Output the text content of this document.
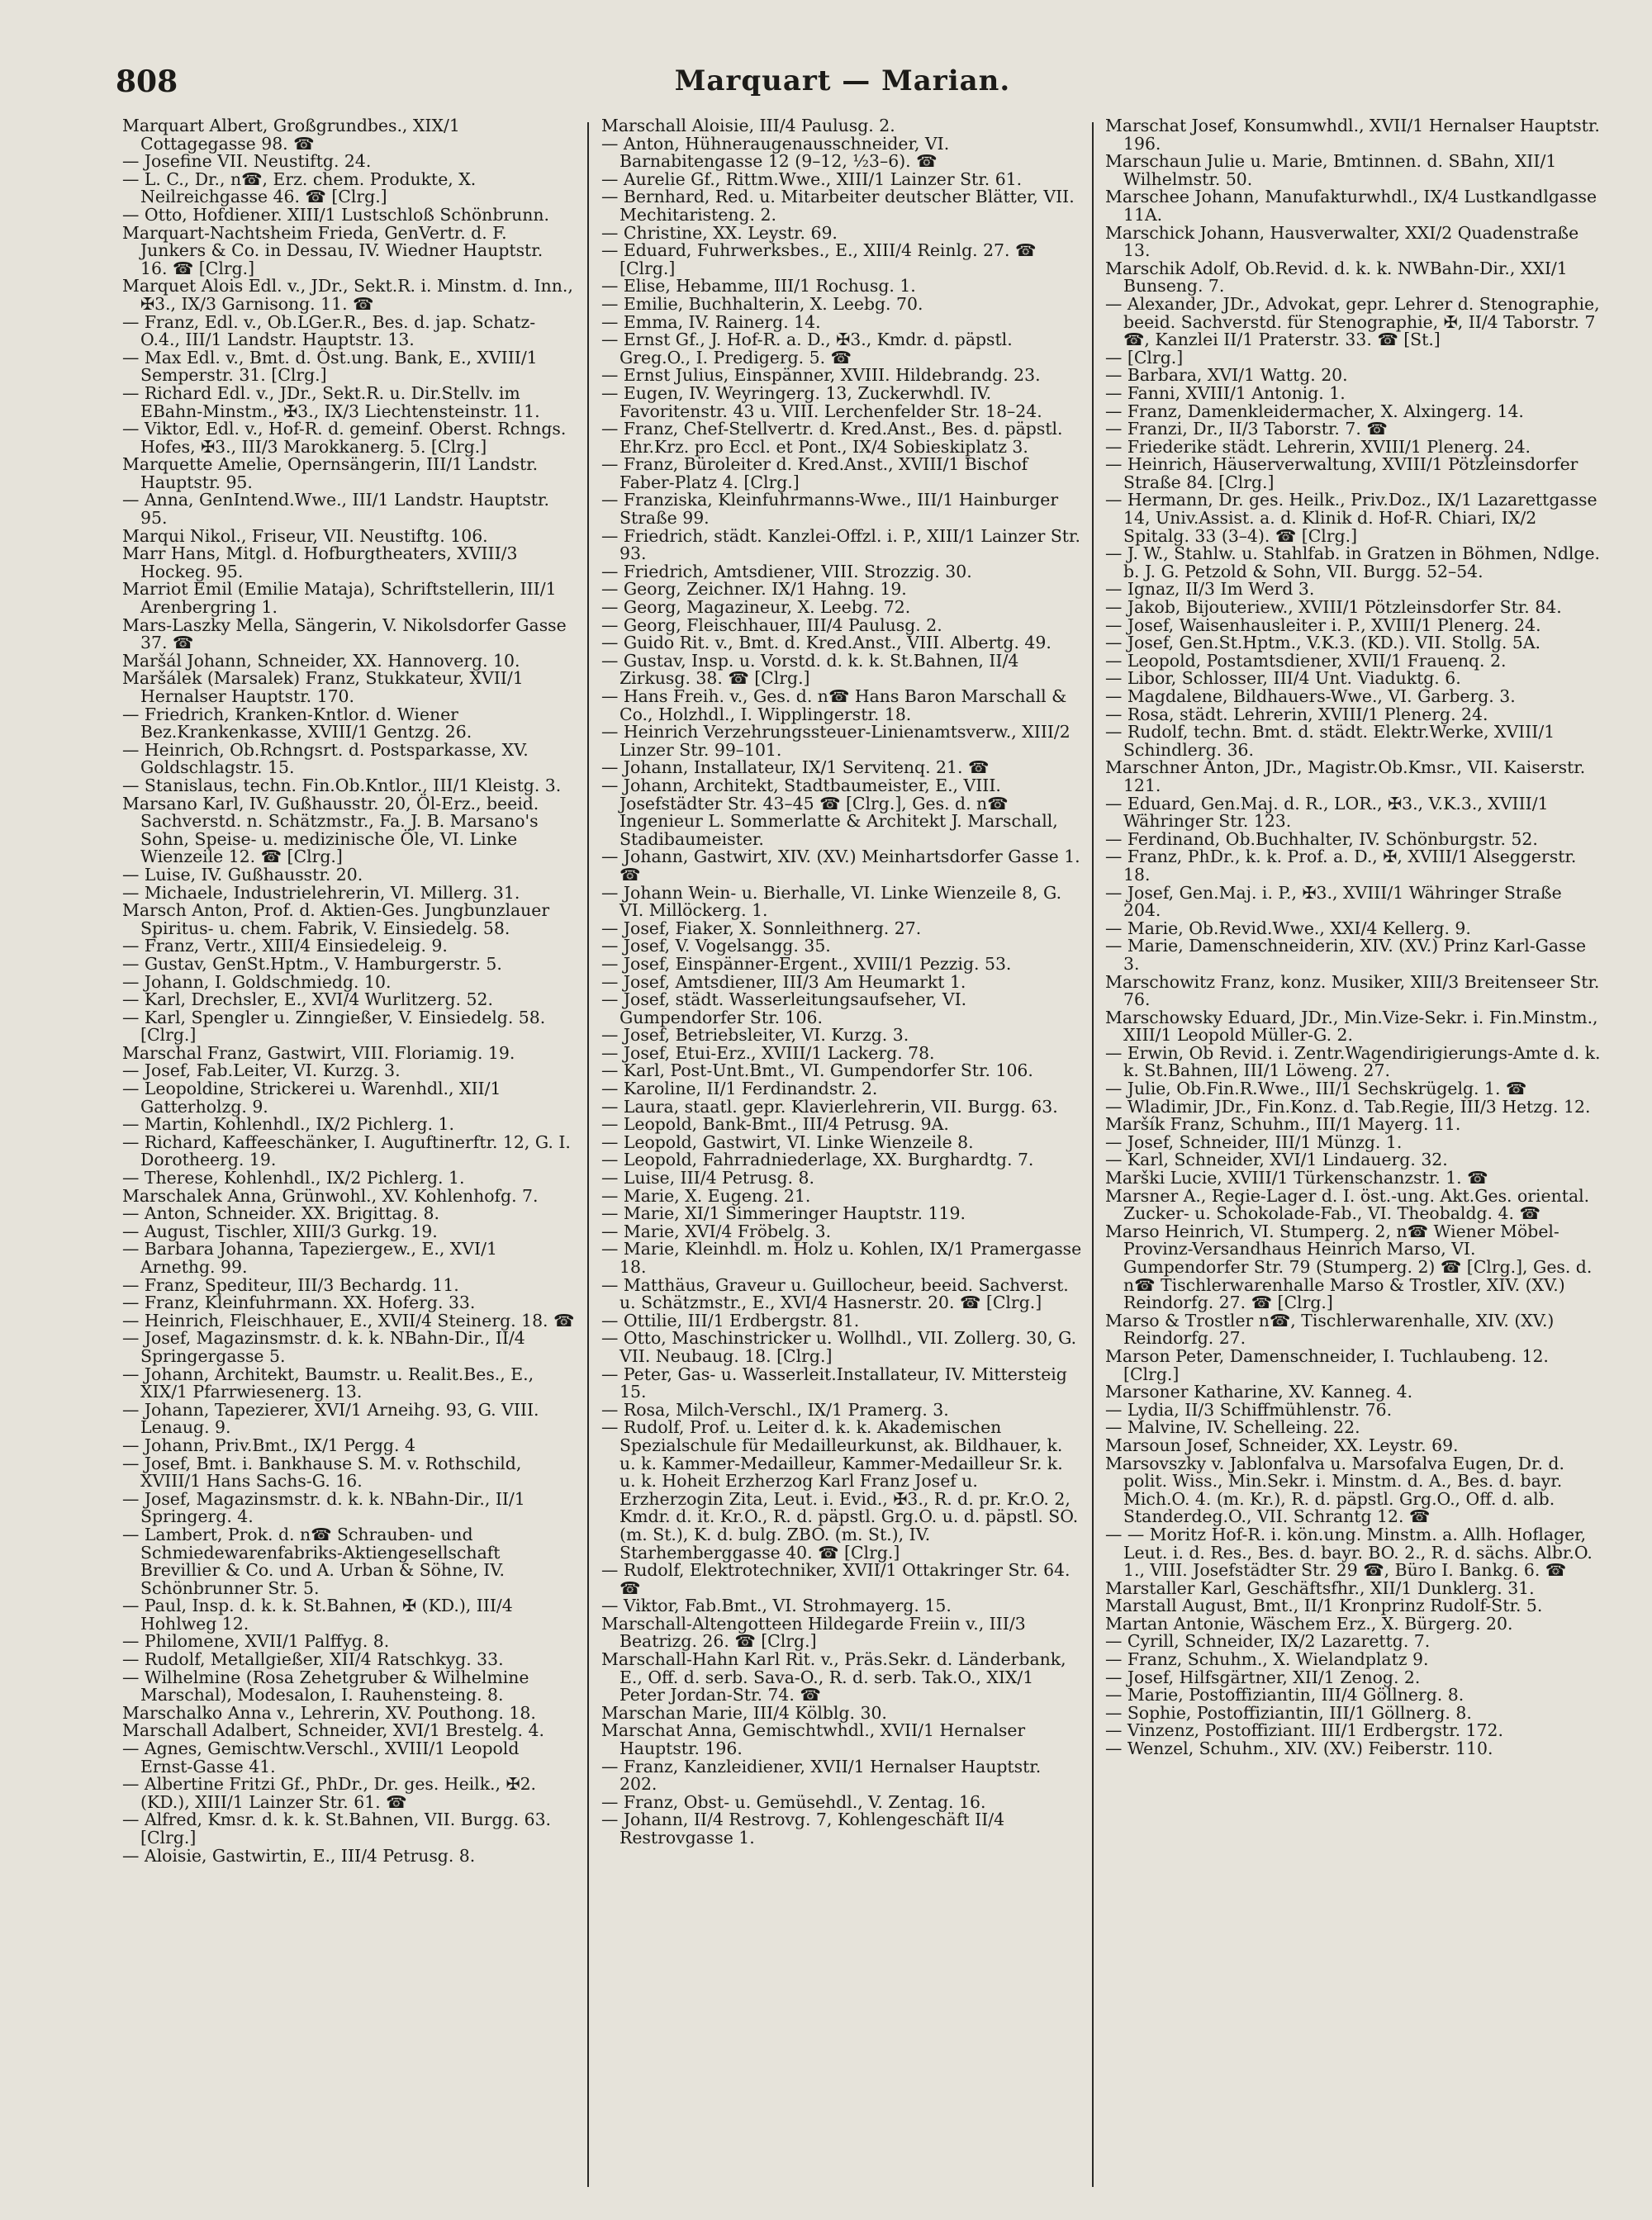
808	Marquart — Marian.
Marquart Albert, Großgrundbes., XIX/1 Cottagegasse 98. ☎
— Josefine VII. Neustiftg. 24.
— L. C., Dr., n☎, Erz. chem. Produkte, X. Neilreichgasse 46. ☎ [Clrg.]
— Otto, Hofdiener. XIII/1 Lustschloß Schönbrunn.
Marquart-Nachtsheim Frieda, GenVertr. d. F. Junkers & Co. in Dessau, IV. Wiedner Hauptstr. 16. ☎ [Clrg.]
Marquet Alois Edl. v., JDr., Sekt.R. i. Minstm. d. Inn., ✠3., IX/3 Garnisong. 11. ☎
— Franz, Edl. v., Ob.LGer.R., Bes. d. jap. Schatz-O.4., III/1 Landstr. Hauptstr. 13.
— Max Edl. v., Bmt. d. Öst.ung. Bank, E., XVIII/1 Semperstr. 31. [Clrg.]
— Richard Edl. v., JDr., Sekt.R. u. Dir.Stellv. im EBahn-Minstm., ✠3., IX/3 Liechtensteinstr. 11.
— Viktor, Edl. v., Hof-R. d. gemeinf. Oberst. Rchngs. Hofes, ✠3., III/3 Marokkanerg. 5. [Clrg.]
Marquette Amelie, Opernsängerin, III/1 Landstr. Hauptstr. 95.
— Anna, GenIntend.Wwe., III/1 Landstr. Hauptstr. 95.
Marqui Nikol., Friseur, VII. Neustiftg. 106.
Marr Hans, Mitgl. d. Hofburgtheaters, XVIII/3 Hockeg. 95.
Marriot Emil (Emilie Mataja), Schriftstellerin, III/1 Arenbergring 1.
Mars-Laszky Mella, Sängerin, V. Nikolsdorfer Gasse 37. ☎
Maršál Johann, Schneider, XX. Hannoverg. 10.
Maršálek (Marsalek) Franz, Stukkateur, XVII/1 Hernalser Hauptstr. 170.
— Friedrich, Kranken-Kntlor. d. Wiener Bez.Krankenkasse, XVIII/1 Gentzg. 26.
— Heinrich, Ob.Rchngsrt. d. Postsparkasse, XV. Goldschlagstr. 15.
— Stanislaus, techn. Fin.Ob.Kntlor., III/1 Kleistg. 3.
Marsano Karl, IV. Gußhausstr. 20, Öl-Erz., beeid. Sachverstd. n. Schätzmstr., Fa. J. B. Marsano's Sohn, Speise- u. medizinische Öle, VI. Linke Wienzeile 12. ☎ [Clrg.]
— Luise, IV. Gußhausstr. 20.
— Michaele, Industrielehrerin, VI. Millerg. 31.
Marsch Anton, Prof. d. Aktien-Ges. Jungbunzlauer Spiritus- u. chem. Fabrik, V. Einsiedelg. 58.
— Franz, Vertr., XIII/4 Einsiedeleig. 9.
— Gustav, GenSt.Hptm., V. Hamburgerstr. 5.
— Johann, I. Goldschmiedg. 10.
— Karl, Drechsler, E., XVI/4 Wurlitzerg. 52.
— Karl, Spengler u. Zinngießer, V. Einsiedelg. 58. [Clrg.]
Marschal Franz, Gastwirt, VIII. Floriamig. 19.
— Josef, Fab.Leiter, VI. Kurzg. 3.
— Leopoldine, Strickerei u. Warenhdl., XII/1 Gatterholzg. 9.
— Martin, Kohlenhdl., IX/2 Pichlerg. 1.
— Richard, Kaffeeschänker, I. Auguftinerftr. 12, G. I. Dorotheerg. 19.
— Therese, Kohlenhdl., IX/2 Pichlerg. 1.
Marschalek Anna, Grünwohl., XV. Kohlenhofg. 7.
— Anton, Schneider. XX. Brigittag. 8.
— August, Tischler, XIII/3 Gurkg. 19.
— Barbara Johanna, Tapeziergew., E., XVI/1 Arnethg. 99.
— Franz, Spediteur, III/3 Bechardg. 11.
— Franz, Kleinfuhrmann. XX. Hoferg. 33.
— Heinrich, Fleischhauer, E., XVII/4 Steinerg. 18. ☎
— Josef, Magazinsmstr. d. k. k. NBahn-Dir., II/4 Springergasse 5.
— Johann, Architekt, Baumstr. u. Realit.Bes., E., XIX/1 Pfarrwiesenerg. 13.
— Johann, Tapezierer, XVI/1 Arneihg. 93, G. VIII. Lenaug. 9.
— Johann, Priv.Bmt., IX/1 Pergg. 4
— Josef, Bmt. i. Bankhause S. M. v. Rothschild, XVIII/1 Hans Sachs-G. 16.
— Josef, Magazinsmstr. d. k. k. NBahn-Dir., II/1 Springerg. 4.
— Lambert, Prok. d. n☎ Schrauben- und Schmiedewarenfabriks-Aktiengesellschaft Brevillier & Co. und A. Urban & Söhne, IV. Schönbrunner Str. 5.
— Paul, Insp. d. k. k. St.Bahnen, ✠ (KD.), III/4 Hohlweg 12.
— Philomene, XVII/1 Palffyg. 8.
— Rudolf, Metallgießer, XII/4 Ratschkyg. 33.
— Wilhelmine (Rosa Zehetgruber & Wilhelmine Marschal), Modesalon, I. Rauhensteing. 8.
Marschalko Anna v., Lehrerin, XV. Pouthong. 18.
Marschall Adalbert, Schneider, XVI/1 Brestelg. 4.
— Agnes, Gemischtw.Verschl., XVIII/1 Leopold Ernst-Gasse 41.
— Albertine Fritzi Gf., PhDr., Dr. ges. Heilk., ✠2. (KD.), XIII/1 Lainzer Str. 61. ☎
— Alfred, Kmsr. d. k. k. St.Bahnen, VII. Burgg. 63. [Clrg.]
— Aloisie, Gastwirtin, E., III/4 Petrusg. 8.
Marschall Aloisie, III/4 Paulusg. 2.
— Anton, Hühneraugenausschneider, VI. Barnabitengasse 12 (9–12, ½3–6). ☎
— Aurelie Gf., Rittm.Wwe., XIII/1 Lainzer Str. 61.
— Bernhard, Red. u. Mitarbeiter deutscher Blätter, VII. Mechitaristeng. 2.
— Christine, XX. Leystr. 69.
— Eduard, Fuhrwerksbes., E., XIII/4 Reinlg. 27. ☎ [Clrg.]
— Elise, Hebamme, III/1 Rochusg. 1.
— Emilie, Buchhalterin, X. Leebg. 70.
— Emma, IV. Rainerg. 14.
— Ernst Gf., J. Hof-R. a. D., ✠3., Kmdr. d. päpstl. Greg.O., I. Predigerg. 5. ☎
— Ernst Julius, Einspänner, XVIII. Hildebrandg. 23.
— Eugen, IV. Weyringerg. 13, Zuckerwhdl. IV. Favoritenstr. 43 u. VIII. Lerchenfelder Str. 18–24.
— Franz, Chef-Stellvertr. d. Kred.Anst., Bes. d. päpstl. Ehr.Krz. pro Eccl. et Pont., IX/4 Sobieskiplatz 3.
— Franz, Büroleiter d. Kred.Anst., XVIII/1 Bischof Faber-Platz 4. [Clrg.]
— Franziska, Kleinfuhrmanns-Wwe., III/1 Hainburger Straße 99.
— Friedrich, städt. Kanzlei-Offzl. i. P., XIII/1 Lainzer Str. 93.
— Friedrich, Amtsdiener, VIII. Strozzig. 30.
— Georg, Zeichner. IX/1 Hahng. 19.
— Georg, Magazineur, X. Leebg. 72.
— Georg, Fleischhauer, III/4 Paulusg. 2.
— Guido Rit. v., Bmt. d. Kred.Anst., VIII. Albertg. 49.
— Gustav, Insp. u. Vorstd. d. k. k. St.Bahnen, II/4 Zirkusg. 38. ☎ [Clrg.]
— Hans Freih. v., Ges. d. n☎ Hans Baron Marschall & Co., Holzhdl., I. Wipplingerstr. 18.
— Heinrich Verzehrungssteuer-Linienamtsverw., XIII/2 Linzer Str. 99–101.
— Johann, Installateur, IX/1 Servitenq. 21. ☎
— Johann, Architekt, Stadtbaumeister, E., VIII. Josefstädter Str. 43–45 ☎ [Clrg.], Ges. d. n☎ Ingenieur L. Sommerlatte & Architekt J. Marschall, Stadibaumeister.
— Johann, Gastwirt, XIV. (XV.) Meinhartsdorfer Gasse 1. ☎
— Johann Wein- u. Bierhalle, VI. Linke Wienzeile 8, G. VI. Millöckerg. 1.
— Josef, Fiaker, X. Sonnleithnerg. 27.
— Josef, V. Vogelsangg. 35.
— Josef, Einspänner-Ergent., XVIII/1 Pezzig. 53.
— Josef, Amtsdiener, III/3 Am Heumarkt 1.
— Josef, städt. Wasserleitungsaufseher, VI. Gumpendorfer Str. 106.
— Josef, Betriebsleiter, VI. Kurzg. 3.
— Josef, Etui-Erz., XVIII/1 Lackerg. 78.
— Karl, Post-Unt.Bmt., VI. Gumpendorfer Str. 106.
— Karoline, II/1 Ferdinandstr. 2.
— Laura, staatl. gepr. Klavierlehrerin, VII. Burgg. 63.
— Leopold, Bank-Bmt., III/4 Petrusg. 9A.
— Leopold, Gastwirt, VI. Linke Wienzeile 8.
— Leopold, Fahrradniederlage, XX. Burghardtg. 7.
— Luise, III/4 Petrusg. 8.
— Marie, X. Eugeng. 21.
— Marie, XI/1 Simmeringer Hauptstr. 119.
— Marie, XVI/4 Fröbelg. 3.
— Marie, Kleinhdl. m. Holz u. Kohlen, IX/1 Pramergasse 18.
— Matthäus, Graveur u. Guillocheur, beeid. Sachverst. u. Schätzmstr., E., XVI/4 Hasnerstr. 20. ☎ [Clrg.]
— Ottilie, III/1 Erdbergstr. 81.
— Otto, Maschinstricker u. Wollhdl., VII. Zollerg. 30, G. VII. Neubaug. 18. [Clrg.]
— Peter, Gas- u. Wasserleit.Installateur, IV. Mittersteig 15.
— Rosa, Milch-Verschl., IX/1 Pramerg. 3.
— Rudolf, Prof. u. Leiter d. k. k. Akademischen Spezialschule für Medailleurkunst, ak. Bildhauer, k. u. k. Kammer-Medailleur, Kammer-Medailleur Sr. k. u. k. Hoheit Erzherzog Karl Franz Josef u. Erzherzogin Zita, Leut. i. Evid., ✠3., R. d. pr. Kr.O. 2, Kmdr. d. it. Kr.O., R. d. päpstl. Grg.O. u. d. päpstl. SO. (m. St.), K. d. bulg. ZBO. (m. St.), IV. Starhemberggasse 40. ☎ [Clrg.]
— Rudolf, Elektrotechniker, XVII/1 Ottakringer Str. 64. ☎
— Viktor, Fab.Bmt., VI. Strohmayerg. 15.
Marschall-Altengotteen Hildegarde Freiin v., III/3 Beatrizg. 26. ☎ [Clrg.]
Marschall-Hahn Karl Rit. v., Präs.Sekr. d. Länderbank, E., Off. d. serb. Sava-O., R. d. serb. Tak.O., XIX/1 Peter Jordan-Str. 74. ☎
Marschan Marie, III/4 Kölblg. 30.
Marschat Anna, Gemischtwhdl., XVII/1 Hernalser Hauptstr. 196.
— Franz, Kanzleidiener, XVII/1 Hernalser Hauptstr. 202.
— Franz, Obst- u. Gemüsehdl., V. Zentag. 16.
— Johann, II/4 Restrovg. 7, Kohlengeschäft II/4 Restrovgasse 1.
Marschat Josef, Konsumwhdl., XVII/1 Hernalser Hauptstr. 196.
Marschaun Julie u. Marie, Bmtinnen. d. SBahn, XII/1 Wilhelmstr. 50.
Marschee Johann, Manufakturwhdl., IX/4 Lustkandlgasse 11A.
Marschick Johann, Hausverwalter, XXI/2 Quadenstraße 13.
Marschik Adolf, Ob.Revid. d. k. k. NWBahn-Dir., XXI/1 Bunseng. 7.
— Alexander, JDr., Advokat, gepr. Lehrer d. Stenographie, beeid. Sachverstd. für Stenographie, ✠, II/4 Taborstr. 7 ☎, Kanzlei II/1 Praterstr. 33. ☎ [St.]
— [Clrg.]
— Barbara, XVI/1 Wattg. 20.
— Fanni, XVIII/1 Antonig. 1.
— Franz, Damenkleidermacher, X. Alxingerg. 14.
— Franzi, Dr., II/3 Taborstr. 7. ☎
— Friederike städt. Lehrerin, XVIII/1 Plenerg. 24.
— Heinrich, Häuserverwaltung, XVIII/1 Pötzleinsdorfer Straße 84. [Clrg.]
— Hermann, Dr. ges. Heilk., Priv.Doz., IX/1 Lazarettgasse 14, Univ.Assist. a. d. Klinik d. Hof-R. Chiari, IX/2 Spitalg. 33 (3–4). ☎ [Clrg.]
— J. W., Stahlw. u. Stahlfab. in Gratzen in Böhmen, Ndlge. b. J. G. Petzold & Sohn, VII. Burgg. 52–54.
— Ignaz, II/3 Im Werd 3.
— Jakob, Bijouteriew., XVIII/1 Pötzleinsdorfer Str. 84.
— Josef, Waisenhausleiter i. P., XVIII/1 Plenerg. 24.
— Josef, Gen.St.Hptm., V.K.3. (KD.). VII. Stollg. 5A.
— Leopold, Postamtsdiener, XVII/1 Frauenq. 2.
— Libor, Schlosser, III/4 Unt. Viaduktg. 6.
— Magdalene, Bildhauers-Wwe., VI. Garberg. 3.
— Rosa, städt. Lehrerin, XVIII/1 Plenerg. 24.
— Rudolf, techn. Bmt. d. städt. Elektr.Werke, XVIII/1 Schindlerg. 36.
Marschner Anton, JDr., Magistr.Ob.Kmsr., VII. Kaiserstr. 121.
— Eduard, Gen.Maj. d. R., LOR., ✠3., V.K.3., XVIII/1 Währinger Str. 123.
— Ferdinand, Ob.Buchhalter, IV. Schönburgstr. 52.
— Franz, PhDr., k. k. Prof. a. D., ✠, XVIII/1 Alseggerstr. 18.
— Josef, Gen.Maj. i. P., ✠3., XVIII/1 Währinger Straße 204.
— Marie, Ob.Revid.Wwe., XXI/4 Kellerg. 9.
— Marie, Damenschneiderin, XIV. (XV.) Prinz Karl-Gasse 3.
Marschowitz Franz, konz. Musiker, XIII/3 Breitenseer Str. 76.
Marschowsky Eduard, JDr., Min.Vize-Sekr. i. Fin.Minstm., XIII/1 Leopold Müller-G. 2.
— Erwin, Ob Revid. i. Zentr.Wagendirigierungs-Amte d. k. k. St.Bahnen, III/1 Löweng. 27.
— Julie, Ob.Fin.R.Wwe., III/1 Sechskrügelg. 1. ☎
— Wladimir, JDr., Fin.Konz. d. Tab.Regie, III/3 Hetzg. 12.
Maršík Franz, Schuhm., III/1 Mayerg. 11.
— Josef, Schneider, III/1 Münzg. 1.
— Karl, Schneider, XVI/1 Lindauerg. 32.
Marški Lucie, XVIII/1 Türkenschanzstr. 1. ☎
Marsner A., Regie-Lager d. I. öst.-ung. Akt.Ges. oriental. Zucker- u. Schokolade-Fab., VI. Theobaldg. 4. ☎
Marso Heinrich, VI. Stumperg. 2, n☎ Wiener Möbel-Provinz-Versandhaus Heinrich Marso, VI. Gumpendorfer Str. 79 (Stumperg. 2) ☎ [Clrg.], Ges. d. n☎ Tischlerwarenhalle Marso & Trostler, XIV. (XV.) Reindorfg. 27. ☎ [Clrg.]
Marso & Trostler n☎, Tischlerwarenhalle, XIV. (XV.) Reindorfg. 27.
Marson Peter, Damenschneider, I. Tuchlaubeng. 12. [Clrg.]
Marsoner Katharine, XV. Kanneg. 4.
— Lydia, II/3 Schiffmühlenstr. 76.
— Malvine, IV. Schelleing. 22.
Marsoun Josef, Schneider, XX. Leystr. 69.
Marsovszky v. Jablonfalva u. Marsofalva Eugen, Dr. d. polit. Wiss., Min.Sekr. i. Minstm. d. A., Bes. d. bayr. Mich.O. 4. (m. Kr.), R. d. päpstl. Grg.O., Off. d. alb. Standerdeg.O., VII. Schrantg 12. ☎
— — Moritz Hof-R. i. kön.ung. Minstm. a. Allh. Hoflager, Leut. i. d. Res., Bes. d. bayr. BO. 2., R. d. sächs. Albr.O. 1., VIII. Josefstädter Str. 29 ☎, Büro I. Bankg. 6. ☎
Marstaller Karl, Geschäftsfhr., XII/1 Dunklerg. 31.
Marstall August, Bmt., II/1 Kronprinz Rudolf-Str. 5.
Martan Antonie, Wäschem Erz., X. Bürgerg. 20.
— Cyrill, Schneider, IX/2 Lazarettg. 7.
— Franz, Schuhm., X. Wielandplatz 9.
— Josef, Hilfsgärtner, XII/1 Zenog. 2.
— Marie, Postoffiziantin, III/4 Göllnerg. 8.
— Sophie, Postoffiziantin, III/1 Göllnerg. 8.
— Vinzenz, Postoffiziant. III/1 Erdbergstr. 172.
— Wenzel, Schuhm., XIV. (XV.) Feiberstr. 110.
